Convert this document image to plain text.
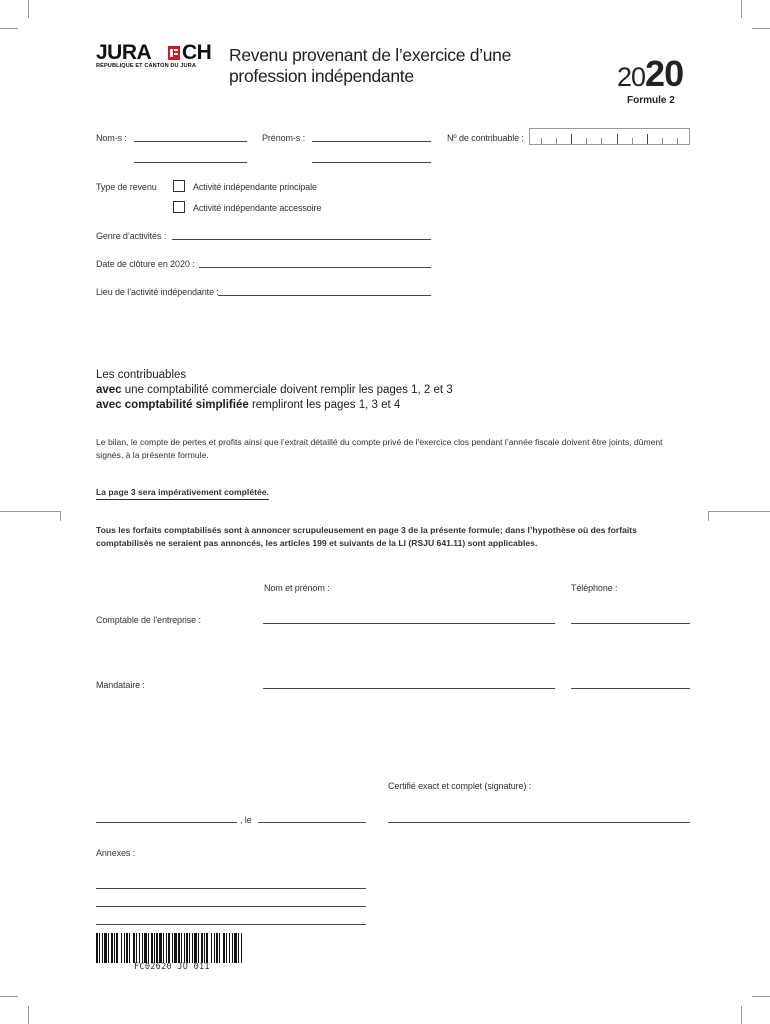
JURA CH
RÉPUBLIQUE ET CANTON DU JURA
Revenu provenant de l’exercice d’une
profession indépendante	2020
Formule 2
Nom-s :	Prénom-s :	Nº de contribuable :
Type de revenu	Activité indépendante principale
Activité indépendante accessoire
Genre d’activités :
Date de clôture en 2020 :
Lieu de l’activité indépendante :
Les contribuables
avec une comptabilité commerciale doivent remplir les pages 1, 2 et 3
avec comptabilité simplifiée rempliront les pages 1, 3 et 4
Le bilan, le compte de pertes et profits ainsi que l’extrait détaillé du compte privé de l’exercice clos pendant l’année fiscale doivent être joints, dûment
signés, à la présente formule.
La page 3 sera impérativement complétée.
Tous les forfaits comptabilisés sont à annoncer scrupuleusement en page 3 de la présente formule; dans l’hypothèse où des forfaits
comptabilisés ne seraient pas annoncés, les articles 199 et suivants de la LI (RSJU 641.11) sont applicables.
Nom et prénom :	Téléphone :
Comptable de l’entreprise :
Mandataire :
Certifié exact et complet (signature) :
, le
Annexes :
FC02620 JU 011
